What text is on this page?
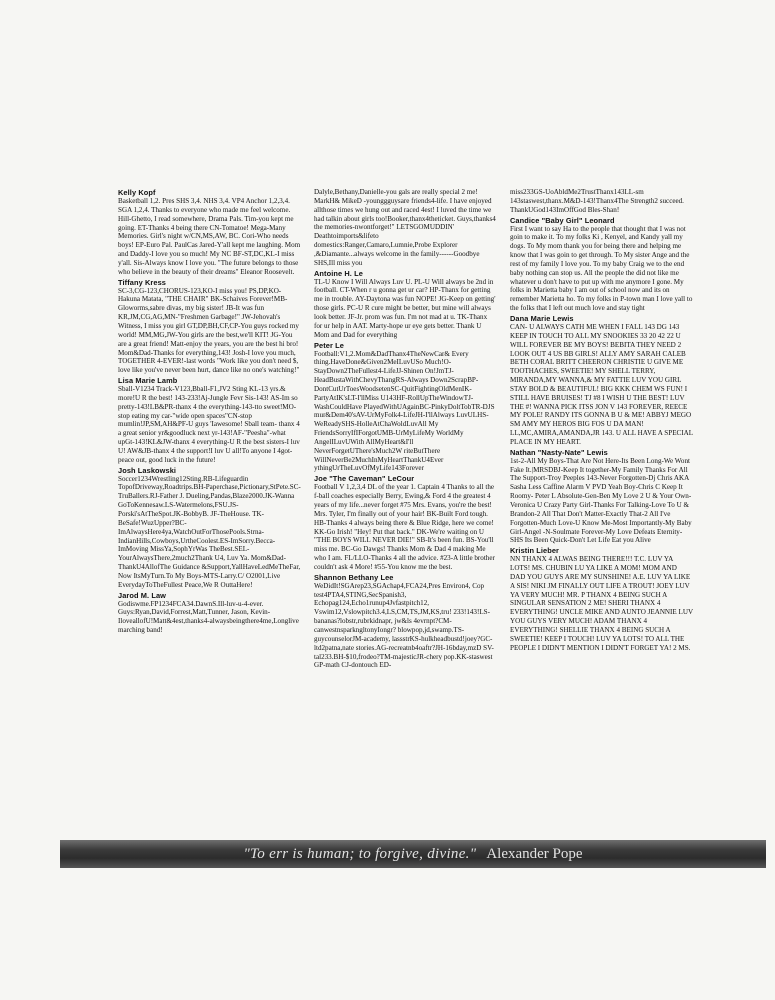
Kelly Kopf

Basketball 1,2. Pres SHS 3,4. NHS 3,4. VP4 Anchor 1,2,3,4. SGA 1,2,4. Thanks to everyone who made me feel welcome. Hill-Ghetto, I read somewhere, Drama Pals. Tim-you kept me going. ET-Thanks 4 being there CN-Tomatoe! Mega-Many Memories. Girl's night w/CN,MS,AW, BC. Cori-Who needs boys! EP-Euro Pal. PaulCas Jared-Y'all kept me laughing. Mom and Daddy-I love you so much! My NC BF-ST,DC,KL-I miss y'all. Sis-Always know I love you. "The future belongs to those who believe in the beauty of their dreams" Eleanor Roosevelt.

Tiffany Kress

SC-3,CG-123,CHORUS-123,KO-I miss you! PS,DP,KO-Hakuna Matata, "THE CHAIR" BK-Schaives Forever!MB-Gloworms,sabre divas, my big sister! JB-It was fun KR,JM,CG,AG,MN-"Freshmen Garbage!" JW-Jehovah's Witness, I miss you girl GT,DP,BH,CF,CP-You guys rocked my world! MM,MG,JW-You girls are the best,we'll KIT! JG-You are a great friend! Matt-enjoy the years, you are the best hi bro! Mom&Dad-Thanks for everything,143! Josh-I love you much, TOGETHER 4-EVER!-last words "Work like you don't need $, love like you've never been hurt, dance like no one's watching!"

Lisa Marie Lamb

Sball-V1234 Track-V123,Bball-F1,JV2 Sting KL-13 yrs.& more!U R the best! 143-233!Aj-Jungle Fevr Sis-143! AS-Im so pretty-143!LB&PR-thanx 4 the everything-143-tto sweet!MO-stop eating my car-"wide open spaces"CN-stop mumlin!JP,SM,AH&PF-U guys 'Iawesome! Sball team- thanx 4 a great senior yr&goodluck next yr-143!AF-"Peesha"-what upGt-143!KL&JW-thanx 4 everything-U R the best sisters-I luv U! AW&JB-thanx 4 the support!I luv U all!To anyone I 4got-peace out, good luck in the future!

Josh Laskowski

Soccer1234Wrestling12Sting.RB-Lifeguardin TopofDriveway,Roadtrips.BH-Paperchase,Pictionary,StPete.SC-TruBallers.RJ-Father J. Dueling,Pandas,Blaze2000.JK-Wanna GoToKennesaw.LS-Watermelons,FSU.JS-Porski'sAtTheSpot.JK-BobbyB. JF-TheHouse. TK-BeSafe!WuzUpper?BC-ImAlwaysHere4ya,WatchOutForThosePools.Strna-IndianHills,Cowboys,UrtheCoolest.ES-ImSorry.Becca-ImMoving MissYa,SophYrWas TheBest.SEL-YourAlwaysThere,2much2Thank U4, Luv Ya. Mom&Dad-ThankU4AllofThe Guidance &Support,YallHaveLedMeTheFar, Now ItsMyTurn.To My Boys-MTS-Larry.C/ O2001,Live EverydayToTheFullest Peace,We R OuttaHere!

Jarod M. Law

Godiswme.FP1234FCA34.DawnS.Ill-luv-u-4-ever. Guys:Ryan,David,Forrest,Matt,Tunner, Jason, Kevin-IloveallofU!Matt&4est,thanks4-alwaysbeingthere4me,Longlive marching band!

Dalyle,Bethany,Danielle-you gals are really special 2 me! MarkH& MikeD -younggguysare friends4-life. I have enjoyed allthose times we hung out and raced 4est! I luved the time we had talkin about girls too!Booker,thanx4theticket. Guys,thanks4 the memories-nwontforget!" LETSGOMUDDIN' Deathtoimports&lifeto domestics:Ranger,Camaro,Lumnie,Probe Explorer ,&Diamante...always welcome in the family------Goodbye SHS,Ill miss you

Antoine H. Le

TL-U Know I Will Always Luv U. PL-U Will always be 2nd in football. CT-When r u gonna get ur car? HP-Thanx for getting me in trouble. AY-Daytona was fun NOPE! JG-Keep on getting' those girls. PC-U R cure might be better, but mine will always look better. JF-Jr. prom was fun. I'm not mad at u. TK-Thanx for ur help in AAT. Marty-hope ur eye gets better. Thank U Mom and Dad for everything

Peter Le

Football:V1,2.Mom&DadThanx4TheNewCar& Every thing.HaveDone&Given2MeILuvUSo Much!O-StayDown2TheFullest4-LifeJJ-Shinen On!JmTJ-HeadBustaWithChevyThangRS-Always Down2ScrapBP-DontCutUrToesWoodsetenSC-QuitFightingOldMenIK-PartyAtIK'sLT-I'llMiss U143HF-RollUpTheWindowTJ-WashCouldHave PlayedWithUAgainBC-PinkyDoltTobTR-DJS mur&Dem40'sAV-UrMyFolk4-LifeJH-I'llAlways LuvULHS-WeReadySHS-HolleAtChaWoldLuvAll My FriendsSorryIfIForgotUMB-UrMyLifeMy WorldMy AngelILuvUWith AllMyHeart&I'll NeverForgetUThere'sMuch2W riteButThere WillNeverBe2MuchInMyHeartThankU4Ever ythingUrTheLuvOfMyLife143Forever

Joe "The Caveman" LeCour

Football V 1,2,3,4 DL of the year 1. Captain 4 Thanks to all the f-ball coaches especially Berry, Ewing,& Ford 4 the greatest 4 years of my life...never forget #75 Mrs. Evans, you're the best! Mrs. Tyler, I'm finally out of your hair! BK-Built Ford tough. HB-Thanks 4 always being there & Blue Ridge, here we come! KK-Go Irish! "Hey! Put that back." DK-We're waiting on U "THE BOYS WILL NEVER DIE!" SB-It's been fun. BS-You'll miss me. BC-Go Dawgs! Thanks Mom & Dad 4 making Me who I am. FL/LLO-Thanks 4 all the advice. #23-A little brother couldn't ask 4 More! #55-You know me the best.

Shannon Bethany Lee

WeDidIt!SGArep23,SGAchap4,FCA24,Pres Environ4, Cop test4PTA4,STING,SecSpanish3, Echopag124,Echo1runup4Jvfastpitch12, Vswim12,Vslowpitch3.4,LS,CM,TS,JM,KS,tru! 233!143!LS-bananas?lobstr,rubrkidnapr, jw&ls 4evrnpt?CM-canwestnsparkngltonyIongr? blowpop,jd,swamp.TS-guycounselorJM-academy, lassstrKS-hulkheadbustd!joey?GC-ltd2patna,nate stories.AG-recreatnb4oaftr?JH-16bday,mzD SV-tal233.BH-$10,frodeo?TM-majesticJR-chery pop.KK-staswest GP-math CJ-dontouch ED-

miss233GS-UoAbldMe2TrustThanx143LL-sm 143staswest,thanx.M&D-143!Thanx4The Strength2 succeed. ThankUGod143ImOffGod Bles-Shan!

Candice "Baby Girl" Leonard

First I want to say Ha to the people that thought that I was not goin to make it. To my folks Ki , Kenyel, and Kandy yall my dogs. To My mom thank you for being there and helping me know that I was goin to get through. To My sister Ange and the rest of my family I love you. To my baby Craig we to the end baby nothing can stop us. All the people the did not like me whatever u don't have to put up with me anymore I gone. My folks in Marietta baby I am out of school now and its on remember Marietta ho. To my folks in P-town man I love yall to the folks that I left out much love and stay tight

Dana Marie Lewis

CAN- U ALWAYS CATH ME WHEN I FALL 143 DG 143 KEEP IN TOUCH TO ALL MY SNOOKIES 33 20 42 22 U WILL FOREVER BE MY BOYS! BEBITA THEY NEED 2 LOOK OUT 4 US BB GIRLS! ALLY AMY SARAH CALEB BETH CORAL BRITT CHEERON CHRISTIE U GIVE ME TOOTHACHES, SWEETIE! MY SHELL TERRY, MIRANDA,MY WANNA,& MY FATTIE LUV YOU GIRL STAY BOLD & BEAUTIFUL! BIG KKK CHEM WS FUN! I STILL HAVE BRUISES! TJ #8 I WISH U THE BEST! LUV THE #! WANNA PICK ITSS JON V 143 FOREVER, REECE MY POLE! RANDY ITS GONNA B U & ME! ABBYJ MEGO SM AMY MY HEROS BIG FOS U DA MAN! LL,MC,AMIRA,AMANDA,JR 143. U ALL HAVE A SPECIAL PLACE IN MY HEART.

Nathan "Nasty-Nate" Lewis

1st-2-All My Boys-That Are Not Here-Its Been Long-We Wont Fake It.|MRSDBJ-Keep It together-My Family Thanks For All The Support-Troy Peeples 143-Never Forgotten-Dj Chris AKA Sasha Less Caffine Alarm V PVD Yeah Boy-Chris C Keep It Roomy- Peter L Absolute-Gen-Ben My Love 2 U & Your Own-Veronica U Crazy Party Girl-Thanks For Talking-Love To U & Brandon-2 All That Don't Matter-Exactly That-2 All I've Forgotten-Much Love-U Know Me-Most Importantly-My Baby Girl-Angel -N-Soulmate Forever-My Love Defeats Eternity-SHS Its Been Quick-Don't Let Life Eat you Alive

Kristin Lieber

NN THANX 4 ALWAS BEING THERE!!! T.C. LUV YA LOTS! MS. CHUBIN LU YA LIKE A MOM! MOM AND DAD YOU GUYS ARE MY SUNSHINE! A.E. LUV YA LIKE A SIS! NIKI JM FINALLY OUT LIFE A TROUT! JOEY LUV YA VERY MUCH! MR. P THANX 4 BEING SUCH A SINGULAR SENSATION 2 ME! SHERI THANX 4 EVERYTHING! UNCLE MIKE AND AUNTO JEANNIE LUV YOU GUYS VERY MUCH! ADAM THANX 4 EVERYTHING! SHELLIE THANX 4 BEING SUCH A SWEETIE! KEEP I TOUCH! LUV YA LOTS! TO ALL THE PEOPLE I DIDN'T MENTION I DIDN'T FORGET YA! 2 MS.

"To err is human; to forgive, divine." Alexander Pope
